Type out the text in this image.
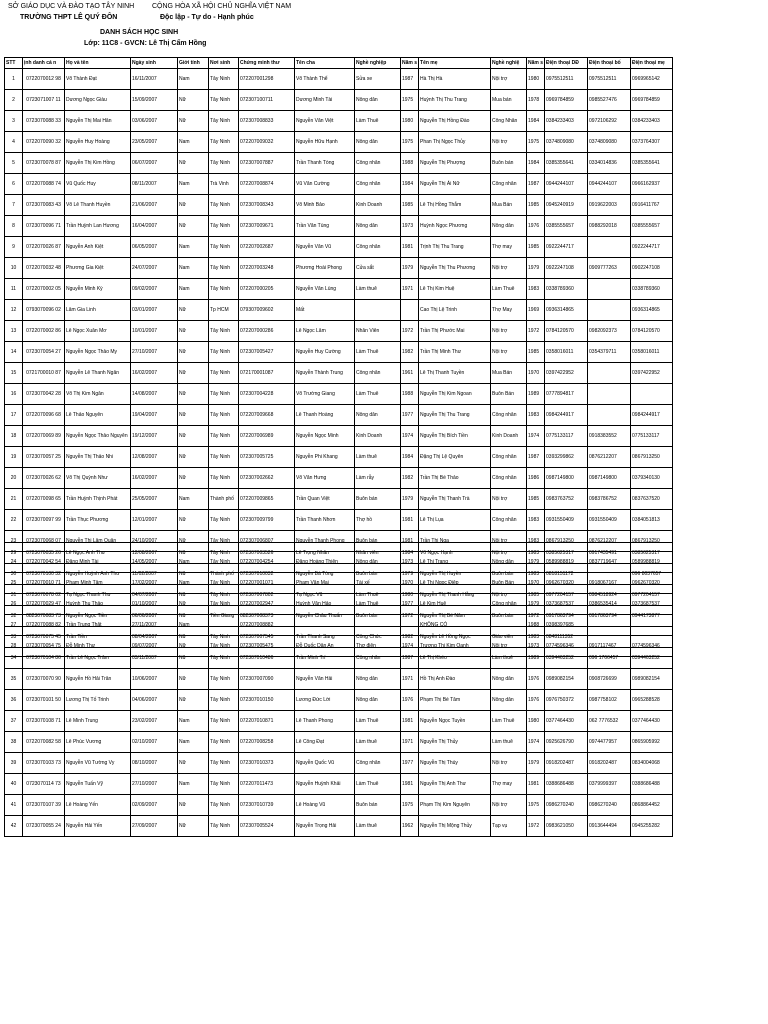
SỞ GIÁO DỤC VÀ ĐÀO TẠO TÂY NINH	CỘNG HÒA XÃ HỘI CHỦ NGHĨA VIỆT NAM
TRƯỜNG THPT LÊ QUÝ ĐÔN	Độc lập - Tự do - Hạnh phúc
DANH SÁCH HỌC SINH
Lớp: 11C8 - GVCN: Lê Thị Cẩm Hồng
STT	ịnh danh cá n	Họ và tên	Ngày sinh	Giới tính	Nơi sinh	Chứng minh thư	Tên cha	Nghề nghiệp	Năm s	Tên mẹ	Nghề nghiệ	Năm s	Điện thoại DĐ	Điện thoại bố	Điện thoại mẹ
1	0722070012 98	Võ Thành Đạt	16/11/2007	Nam	Tây Ninh	072207001298	Võ Thành Thể	Sửa xe	1987	Hà Thị Hà	Nội trợ	1980	0975512511	0975512511	0969965142
2	0723071007 11	Dương Ngọc Giàu	15/09/2007	Nữ	Tây Ninh	072307100711	Dương Minh Tài	Nông dân	1975	Huỳnh Thị Thu Trang	Mua bán	1978	0969784859	0985527476	0969784859
3	0723070088 33	Nguyễn Thị Mai Hân	03/06/2007	Nữ	Tây Ninh	072307008833	Nguyễn Văn Việt	Làm Thuê	1980	Nguyễn Thị Hồng Đào	Công Nhân	1984	0384233403	0972106292	0384233403
4	0722070090 32	Nguyễn Huy Hoàng	23/05/2007	Nam	Tây Ninh	072207009032	Nguyễn Hữu Hạnh	Nông dân	1975	Phan Thị Ngọc Thủy	Nội trợ	1975	0374809080	0374809080	0373764307
5	0723070078 87	Nguyễn Thị Kim Hồng	06/07/2007	Nữ	Tây Ninh	072307007887	Trần Thanh Tòng	Công nhân	1988	Nguyễn Thị Phượng	Buôn bán	1984	0385355641	0334014836	0385355641
6	0722070088 74	Vũ Quốc Huy	08/11/2007	Nam	Trà Vinh	072207008874	Vũ Văn Cường	Công nhân	1984	Nguyễn Thị Ái Nữ	Công nhân	1987	0944244107	0944244107	0966162937
7	0723070083 43	Võ Lê Thanh Huyền	21/06/2007	Nữ	Tây Ninh	072307008343	Võ Minh Bảo	Kinh Doanh	1985	Lê Thị Hồng Thắm	Mua Bán	1985	0945240919	0919622003	0916411767
8	0723070096 71	Trần Huỳnh Lan Hương	16/04/2007	Nữ	Tây Ninh	072307009671	Trần Văn Tùng	Nông dân	1973	Huỳnh Ngọc Phương	Nông dân	1976	0385555657	0988292018	0385555657
9	0722070026 87	Nguyễn Anh Kiệt	06/05/2007	Nam	Tây Ninh	072207002687	Nguyễn Văn Vũ	Công nhân	1981	Trịnh Thị Thu Trang	Thợ may	1985	0922244717		0922244717
10	0722070032 48	Phương Gia Kiệt	24/07/2007	Nam	Tây Ninh	072207003248	Phương Hoài Phong	Cửa sắt	1979	Nguyễn Thị Thu Phương	Nội trợ	1979	0922247108	0909777263	0902247108
11	0722070002 05	Nguyễn Minh Kỳ	09/02/2007	Nam	Tây Ninh	072207000205	Nguyễn Văn Lùng	Làm thuê	1971	Lê Thị Kim Huệ	Làm Thuê	1983	0338789360		0338789360
12	0793070096 02	Lâm Gia Linh	03/01/2007	Nữ	Tp HCM	079307009602	Mất			Cao Thị Lệ Trinh	Thợ May	1969	0936314865		0936314865
13	0722070002 86	Lê Ngọc Xuân Mơ	10/01/2007	Nữ	Tây Ninh	072207000286	Lê Ngọc Lâm	Nhân Viên	1972	Trần Thị Phước Mai	Nội trợ	1972	0784120570	0982092373	0784120570
14	0723070054 27	Nguyễn Ngọc Thảo My	27/10/2007	Nữ	Tây Ninh	072307005427	Nguyễn Huy Cường	Làm Thuê	1982	Trần Thị Minh Thư	Nội trợ	1985	0358016011	0354379711	0358016011
15	0721700010 87	Nguyễn Lê Thanh Ngân	16/02/2007	Nữ	Tây Ninh	072170001087	Nguyễn Thành Trung	Công nhân	1961	Lê Thị Thanh Tuyền	Mua Bán	1970	0397422952		0397422952
16	0723070042 28	Võ Thị Kim Ngân	14/08/2007	Nữ	Tây Ninh	072307004228	Võ Trường Giang	Làm Thuê	1988	Nguyễn Thị Kim Ngoan	Buôn Bán	1989	0777894817		
17	0722070096 68	Lê Thảo Nguyên	19/04/2007	Nữ	Tây Ninh	072207009668	Lê Thanh Hoàng	Nông dân	1977	Nguyễn Thị Thu Trang	Công nhân	1983	0984244917		0984244917
18	0722070069 89	Nguyễn Ngọc Thảo Nguyên	19/12/2007	Nữ	Tây Ninh	072207006989	Nguyễn Ngọc Minh	Kinh Doanh	1974	Nguyễn Thị Bích Tiền	Kinh Doanh	1974	0775133117	0918383552	0775133117
19	0723070057 25	Nguyễn Thị Thảo Nhi	12/08/2007	Nữ	Tây Ninh	072307005725	Nguyễn Phi Khang	Làm thuê	1984	Đặng Thị Lệ Quyên	Công nhân	1987	0393299862	0876212207	0867913250
20	0723070026 62	Võ Thị Quỳnh Như	16/02/2007	Nữ	Tây Ninh	072307002662	Võ Văn Hưng	Làm rẫy	1982	Trần Thị Bé Thảo	Công nhân	1986	0987149800	0987149800	0379340130
21	0722070098 65	Trần Huỳnh Thịnh Phát	25/05/2007	Nam	Thành phố	072207009865	Trần Quan Việt	Buôn bán	1979	Nguyễn Thị Thanh Trà	Nội trợ	1985	0983763752	0983786752	0837637520
22	0723070097 99	Trần Thục Phương	12/01/2007	Nữ	Tây Ninh	072307009799	Trần Thanh Nhơn	Thợ hồ	1981	Lê Thị Lụa	Công nhân	1983	0931550409	0931550409	0384051813
23	0723070068 07	Nguyễn Thị Lâm Quân	24/10/2007	Nữ	Tây Ninh	072307006807	Nguyễn Thanh Phong	Buôn bán	1981	Trần Thị Nga	Nội trợ	1983	0867913250	0876212207	0867913250
24	0722070042 54	Đặng Minh Tài	14/05/2007	Nam	Tây Ninh	072207004254	Đặng Hoàng Thiên	Nông dân	1973	Lê Thị Trang	Nông dân	1979	0589988819	0837719647	0589988819
25	0722070010 71	Phạm Minh Tâm	17/02/2007	Nam	Tây Ninh	072207001071	Phạm Văn Mai	Tài xế	1970	Lê Thị Ngọc Điệp	Buôn Bán	1970	0962670320	0918067167	0962670320
26	0722070029 47	Huỳnh Thu Thảo	01/10/2007	Nữ	Tây Ninh	072207002947	Huỳnh Văn Hảo	Làm Thuê	1977	Lê Kim Huê	Công nhân	1979	0373687537	0386535414	0373687537
27	0722070088 82	Trần Trung Thật	27/11/2007	Nam		072207008882				KHÔNG CÓ		1988	0398397685		
28	0723070054 75	Đỗ Minh Thư	09/07/2007	Nữ	Tây Ninh	072307005475	Đỗ Quốc Dân An	Thợ điện	1974	Trương Thị Kim Oanh	Nội trợ	1973	0774596346	0917117467	0774596346
29	0723070035 26	Lê Ngọc Anh Thư	12/08/2007	Nữ	Tây Ninh	072307003526	Lê Trọng Nhân	Nhân viên	1984	Võ Ngọc Hạnh	Nội trợ	1983	0385625317	0917435491	0385625317
30	0723070100 32	Nguyễn Huỳnh Anh Thư	11/02/2007	Nữ	Thành phố	072307010032	Nguyễn Bá Tòng	Buôn bán	1979	Nguyễn Thị Huyền	Buôn bán	1983	0818151172		096 8037657
31	0723070078 02	Tạ Ngọc Thanh Thư	04/07/2007	Nữ	Tây Ninh	072307007802	Tạ Ngọc Vũ	Làm Thuê	1980	Nguyễn Thị Thanh Hằng	Nội trợ	1985	0977204157	0984518924	0977204157
32	0823070083 73	Nguyễn Ngọc Tiền	06/06/2007	Nữ	Tiền Giang	082307008373	Nguyễn Châu Thuấn	Buôn bán	1972	Nguyễn Thị Bé Năm	Buôn bán	1972	0917863794	0917863794	0944173877
33	0723070075 45	Trần Tiền	08/04/2007	Nữ	Tây Ninh	072307007545	Trần Thanh Sang	Công Chức	1982	Nguyễn Lê Hồng Ngọc	Giáo viên	1983	0848111352		
34	0723070104 86	Trần Lê Ngọc Trâm	03/11/2007	Nữ	Tây Ninh	072307010486	Trần Minh Trí	Công nhân	1987	Lê Thị Khéo	Làm thuê	1989	0394463252	096 1766457	0394463252
35	0723070070 90	Nguyễn Hồ Hải Trân	10/06/2007	Nữ	Tây Ninh	072307007090	Nguyễn Văn Hải	Nông dân	1971	Hồ Thị Anh Đào	Nông dân	1976	0989082154	0908726699	0989082154
36	0723070101 50	Lương Thị Tố Trinh	04/06/2007	Nữ	Tây Ninh	072307010150	Lương Đức Lời	Nông dân	1976	Phạm Thị Bé Tâm	Nông dân	1976	0976750372	0987758102	0965288528
37	0723070108 71	Lê Minh Trung	23/02/2007	Nam	Tây Ninh	072207010871	Lê Thanh Phong	Làm Thuê	1981	Nguyễn Ngọc Tuyền	Làm Thuê	1980	0377464430	062 7776532	0377464430
38	0722070082 58	Lê Phúc Vương	02/10/2007	Nam	Tây Ninh	072207008258	Lê Công Đạt	Làm thuê	1971	Nguyễn Thị Thủy	Làm thuê	1974	0925626790	0974477957	0865905992
39	0723070103 73	Nguyễn Vũ Tường Vy	08/10/2007	Nữ	Tây Ninh	072307010373	Nguyễn Quốc Vũ	Công nhân	1977	Nguyễn Thị Thúy	Nội trợ	1979	0918202487	0918202487	0834004068
40	0723070114 73	Nguyễn Tuấn Vỹ	27/10/2007	Nam	Tây Ninh	072207011473	Nguyễn Huỳnh Khải	Làm Thuê	1981	Nguyễn Thị Anh Thư	Thợ may	1981	0388686488	0379999397	0388686488
41	0723070107 39	Lê Hoàng Yến	02/09/2007	Nữ	Tây Ninh	072307010739	Lê Hoàng Vũ	Buôn bán	1975	Phạm Thị Kim Nguyên	Nội trợ	1975	0986270240	0986270240	0868864452
42	0723070055 24	Nguyễn Hải Yến	27/09/2007	Nữ	Tây Ninh	072307005524	Nguyễn Trọng Hải	Làm thuê	1962	Nguyễn Thị Mộng Thủy	Tạp vụ	1972	0983621050	0913644494	0945255282
